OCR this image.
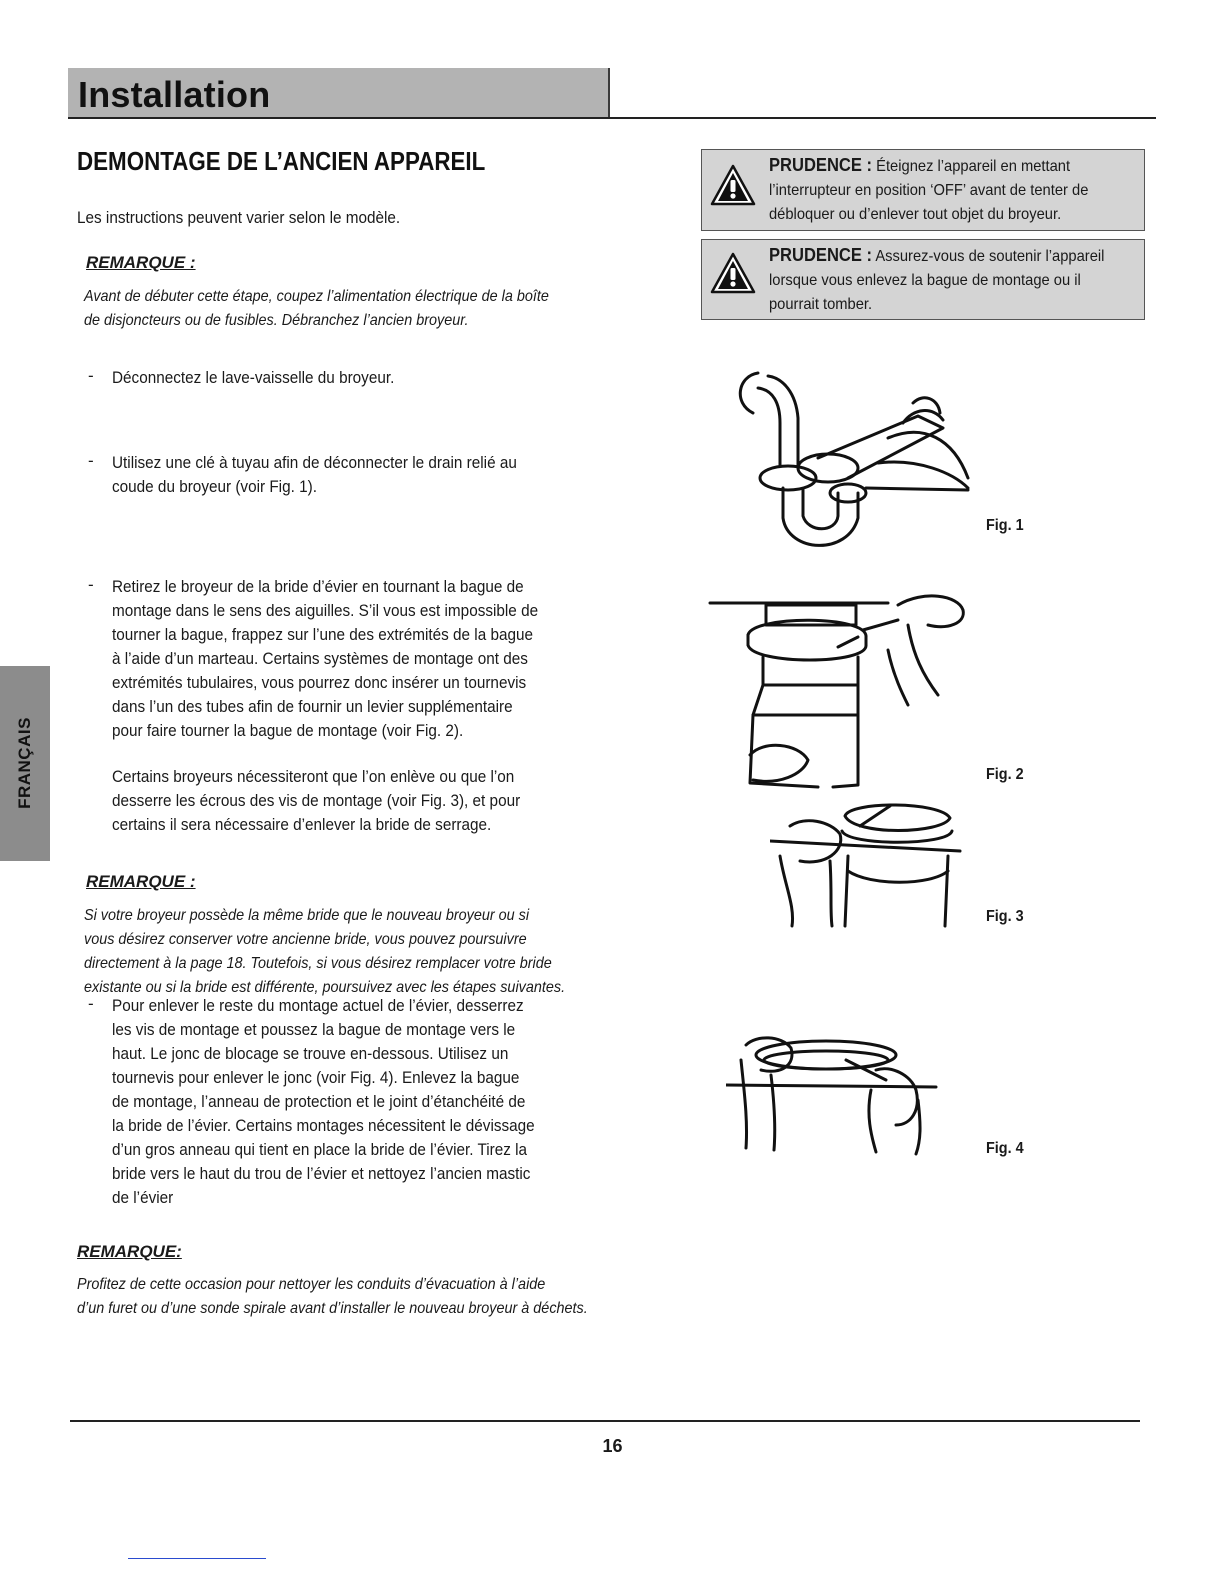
Installation
FRANÇAIS
DEMONTAGE DE L’ANCIEN APPAREIL
Les instructions peuvent varier selon le modèle.
REMARQUE :
Avant de débuter cette étape, coupez l’alimentation électrique de la boîte
de disjoncteurs ou de fusibles. Débranchez l’ancien broyeur.
- Déconnectez le lave-vaisselle du broyeur.
- Utilisez une clé à tuyau afin de déconnecter le drain relié au
coude du broyeur (voir Fig. 1).
- Retirez le broyeur de la bride d’évier en tournant la bague de
montage dans le sens des aiguilles. S’il vous est impossible de
tourner la bague, frappez sur l’une des extrémités de la bague
à l’aide d’un marteau. Certains systèmes de montage ont des
extrémités tubulaires, vous pourrez donc insérer un tournevis
dans l’un des tubes afin de fournir un levier supplémentaire
pour faire tourner la bague de montage (voir Fig. 2).
Certains broyeurs nécessiteront que l’on enlève ou que l’on
desserre les écrous des vis de montage (voir Fig. 3), et pour
certains il sera nécessaire d’enlever la bride de serrage.
REMARQUE :
Si votre broyeur possède la même bride que le nouveau broyeur ou si
vous désirez conserver votre ancienne bride, vous pouvez poursuivre
directement à la page 18. Toutefois, si vous désirez remplacer votre bride
existante ou si la bride est différente, poursuivez avec les étapes suivantes.
- Pour enlever le reste du montage actuel de l’évier, desserrez
les vis de montage et poussez la bague de montage vers le
haut. Le jonc de blocage se trouve en-dessous. Utilisez un
tournevis pour enlever le jonc (voir Fig. 4). Enlevez la bague
de montage, l’anneau de protection et le joint d’étanchéité de
la bride de l’évier. Certains montages nécessitent le dévissage
d’un gros anneau qui tient en place la bride de l’évier. Tirez la
bride vers le haut du trou de l’évier et nettoyez l’ancien mastic
de l’évier
REMARQUE:
Profitez de cette occasion pour nettoyer les conduits d’évacuation à l’aide
d’un furet ou d’une sonde spirale avant d’installer le nouveau broyeur à déchets.
PRUDENCE : Éteignez l’appareil en mettant
l’interrupteur en position ‘OFF’ avant de tenter de
débloquer ou d’enlever tout objet du broyeur.
PRUDENCE : Assurez-vous de soutenir l’appareil
lorsque vous enlevez la bague de montage ou il
pourrait tomber.
Fig. 1
Fig. 2
Fig. 3
Fig. 4
16
